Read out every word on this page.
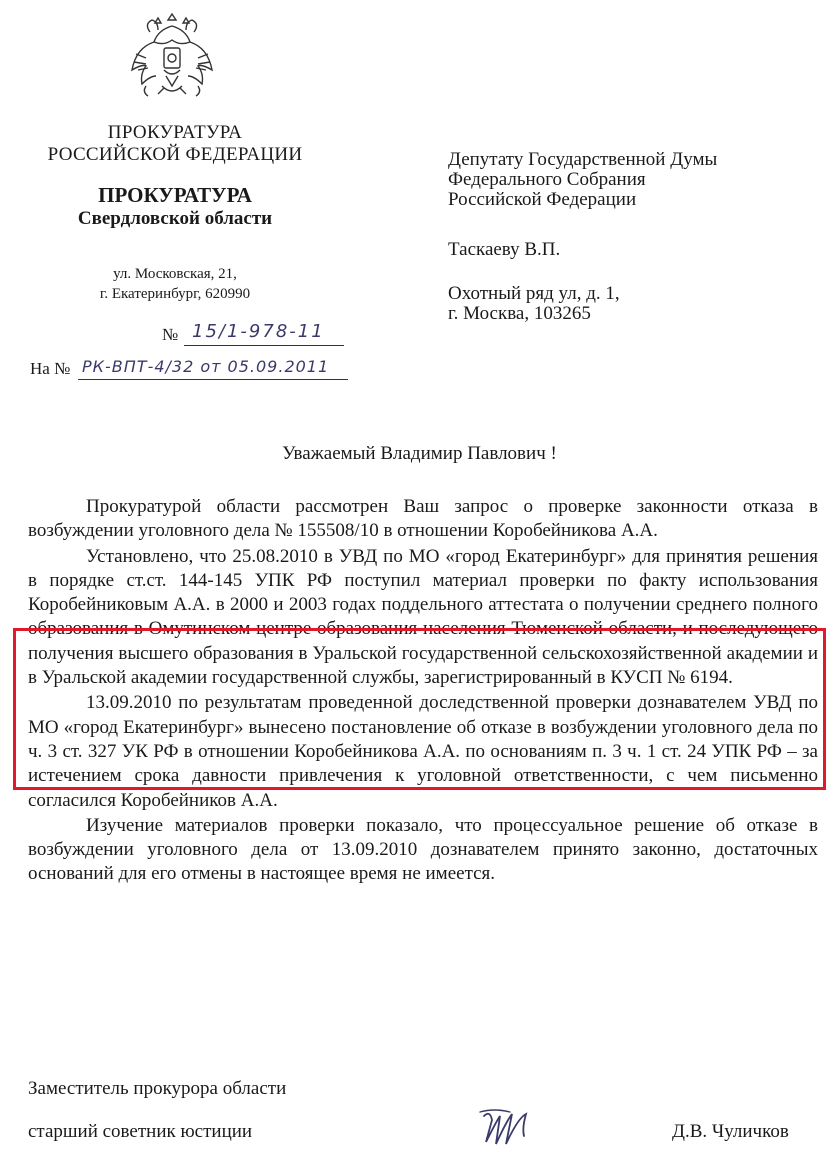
ПРОКУРАТУРА
РОССИЙСКОЙ ФЕДЕРАЦИИ
ПРОКУРАТУРА
Свердловской области
ул. Московская, 21,
г. Екатеринбург, 620990
№ 15/1-978-11
На № РК-ВПТ-4/32 от 05.09.2011
Депутату Государственной Думы
Федерального Собрания
Российской Федерации
Таскаеву В.П.
Охотный ряд ул, д. 1,
г. Москва, 103265
Уважаемый Владимир Павлович !

Прокуратурой области рассмотрен Ваш запрос о проверке законности отказа в возбуждении уголовного дела № 155508/10 в отношении Коробейникова А.А.

Установлено, что 25.08.2010 в УВД по МО «город Екатеринбург» для принятия решения в порядке ст.ст. 144-145 УПК РФ поступил материал проверки по факту использования Коробейниковым А.А. в 2000 и 2003 годах поддельного аттестата о получении среднего полного образования в Омутинском центре образования населения Тюменской области, и последующего получения высшего образования в Уральской государственной сельскохозяйственной академии и в Уральской академии государственной службы, зарегистрированный в КУСП № 6194.

13.09.2010 по результатам проведенной доследственной проверки дознавателем УВД по МО «город Екатеринбург» вынесено постановление об отказе в возбуждении уголовного дела по ч. 3 ст. 327 УК РФ в отношении Коробейникова А.А. по основаниям п. 3 ч. 1 ст. 24 УПК РФ – за истечением срока давности привлечения к уголовной ответственности, с чем письменно согласился Коробейников А.А.

Изучение материалов проверки показало, что процессуальное решение об отказе в возбуждении уголовного дела от 13.09.2010 дознавателем принято законно, достаточных оснований для его отмены в настоящее время не имеется.

Заместитель прокурора области
старший советник юстиции	Д.В. Чуличков
